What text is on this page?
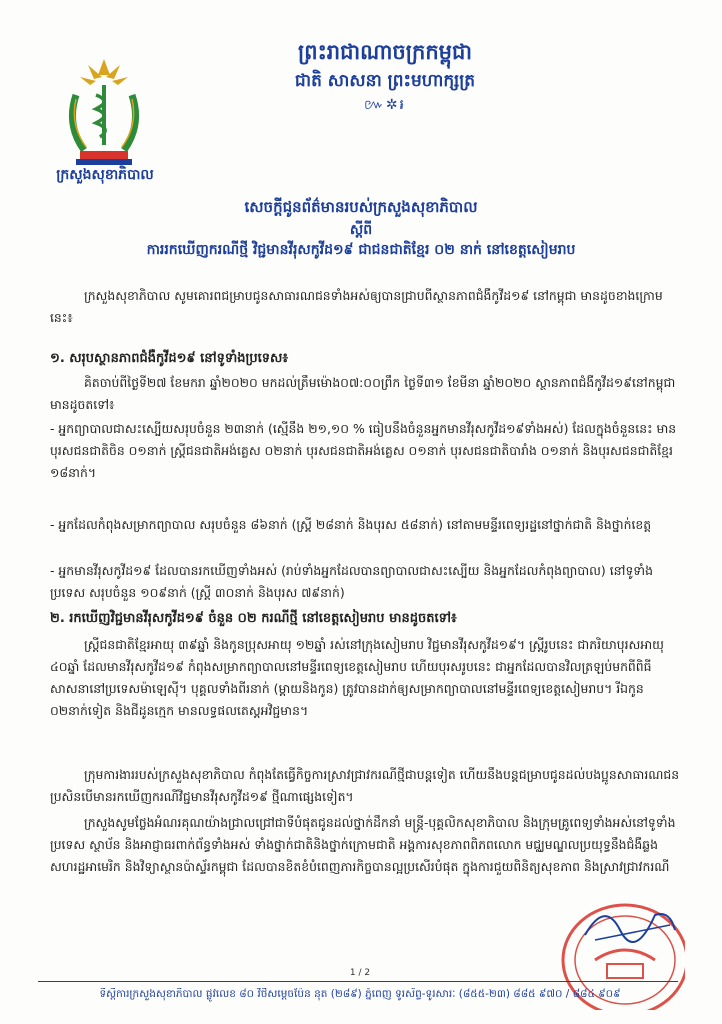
ព្រះរាជាណាចក្រកម្ពុជា
ជាតិ សាសនា ព្រះមហាក្សត្រ
៚✲៛
ក្រសួងសុខាភិបាល
សេចក្តីជូនព័ត៌មានរបស់ក្រសួងសុខាភិបាល
ស្តីពី
ការរកឃើញករណីថ្មី វិជ្ជមានវីរុសកូវីដ១៩ ជាជនជាតិខ្មែរ ០២ នាក់ នៅខេត្តសៀមរាប
ក្រសួងសុខាភិបាល សូមគោរពជម្រាបជូនសាធារណជនទាំងអស់ឲ្យបានជ្រាបពីស្ថានភាពជំងឺកូវីដ១៩ នៅកម្ពុជា មានដូចខាងក្រោមនេះ៖
១. សរុបស្ថានភាពជំងឺកូវីដ១៩ នៅទូទាំងប្រទេស៖
គិតចាប់ពីថ្ងៃទី២៧ ខែមករា ឆ្នាំ២០២០ មកដល់ត្រឹមម៉ោង០៧:០០ព្រឹក ថ្ងៃទី៣១ ខែមីនា ឆ្នាំ២០២០ ស្ថានភាពជំងឺកូវីដ១៩នៅកម្ពុជា មានដូចតទៅ៖
- អ្នកព្យាបាលជាសះស្បើយសរុបចំនួន ២៣នាក់ (ស្មើនឹង ២១,១០ % ធៀបនឹងចំនួនអ្នកមានវីរុសកូវីដ១៩ទាំងអស់) ដែលក្នុងចំនួននេះ មានបុរសជនជាតិចិន ០១នាក់ ស្ត្រីជនជាតិអង់គ្លេស ០២នាក់ បុរសជនជាតិអង់គ្លេស ០១នាក់ បុរសជនជាតិបារាំង ០១នាក់ និងបុរសជនជាតិខ្មែរ ១៨នាក់។
- អ្នកដែលកំពុងសម្រាកព្យាបាល សរុបចំនួន ៨៦នាក់ (ស្ត្រី ២៨នាក់ និងបុរស ៥៨នាក់) នៅតាមមន្ទីរពេទ្យរដ្ឋនៅថ្នាក់ជាតិ និងថ្នាក់ខេត្ត
- អ្នកមានវីរុសកូវីដ១៩ ដែលបានរកឃើញទាំងអស់ (រាប់ទាំងអ្នកដែលបានព្យាបាលជាសះស្បើយ និងអ្នកដែលកំពុងព្យាបាល) នៅទូទាំងប្រទេស សរុបចំនួន ១០៩នាក់ (ស្ត្រី ៣០នាក់ និងបុរស ៧៩នាក់)
២. រកឃើញវិជ្ជមានវីរុសកូវីដ១៩ ចំនួន ០២ ករណីថ្មី នៅខេត្តសៀមរាប មានដូចតទៅ៖
ស្ត្រីជនជាតិខ្មែរអាយុ ៣៩ឆ្នាំ និងកូនប្រុសអាយុ ១២ឆ្នាំ រស់នៅក្រុងសៀមរាប វិជ្ជមានវីរុសកូវីដ១៩។ ស្ត្រីរូបនេះ ជាភរិយាបុរសអាយុ ៤០ឆ្នាំ ដែលមានវីរុសកូវីដ១៩ កំពុងសម្រាកព្យាបាលនៅមន្ទីរពេទ្យខេត្តសៀមរាប ហើយបុរសរូបនេះ ជាអ្នកដែលបានវិលត្រឡប់មកពីពិធីសាសនានៅប្រទេសម៉ាឡេស៊ី។ បុគ្គលទាំងពីរនាក់ (ម្តាយនិងកូន) ត្រូវបានដាក់ឲ្យសម្រាកព្យាបាលនៅមន្ទីរពេទ្យខេត្តសៀមរាប។ រីឯកូន ០២នាក់ទៀត និងជីដូនក្មេក មានលទ្ធផលតេស្តអវិជ្ជមាន។
ក្រុមការងាររបស់ក្រសួងសុខាភិបាល កំពុងតែធ្វើកិច្ចការស្រាវជ្រាវករណីថ្មីជាបន្តទៀត ហើយនឹងបន្តជម្រាបជូនដល់បងប្អូនសាធារណជន ប្រសិនបើមានរកឃើញករណីវិជ្ជមានវីរុសកូវីដ១៩ ថ្មីណាផ្សេងទៀត។
ក្រសួងសូមថ្លែងអំណរគុណយ៉ាងជ្រាលជ្រៅជាទីបំផុតជូនដល់ថ្នាក់ដឹកនាំ មន្ត្រី-បុគ្គលិកសុខាភិបាល និងក្រុមគ្រូពេទ្យទាំងអស់នៅទូទាំងប្រទេស ស្ថាប័ន និងអាជ្ញាធរពាក់ព័ន្ធទាំងអស់ ទាំងថ្នាក់ជាតិនិងថ្នាក់ក្រោមជាតិ អង្គការសុខភាពពិភពលោក មជ្ឈមណ្ឌលប្រយុទ្ធនឹងជំងឺឆ្លងសហរដ្ឋអាមេរិក និងវិទ្យាស្ថានប៉ាស្ទ័រកម្ពុជា ដែលបានខិតខំបំពេញភារកិច្ចបានល្អប្រសើរបំផុត ក្នុងការជួយពិនិត្យសុខភាព និងស្រាវជ្រាវករណី
1 / 2
ទីស្តីការក្រសួងសុខាភិបាល ផ្លូវលេខ ៨០ វិថីសម្តេចប៉ែន នុត (២៨៩) ភ្នំពេញ ទូរស័ព្ទ-ទូរសារៈ (៨៥៥-២៣) ៨៨៥ ៩៧០ / ៨៨៤ ៩០៩
